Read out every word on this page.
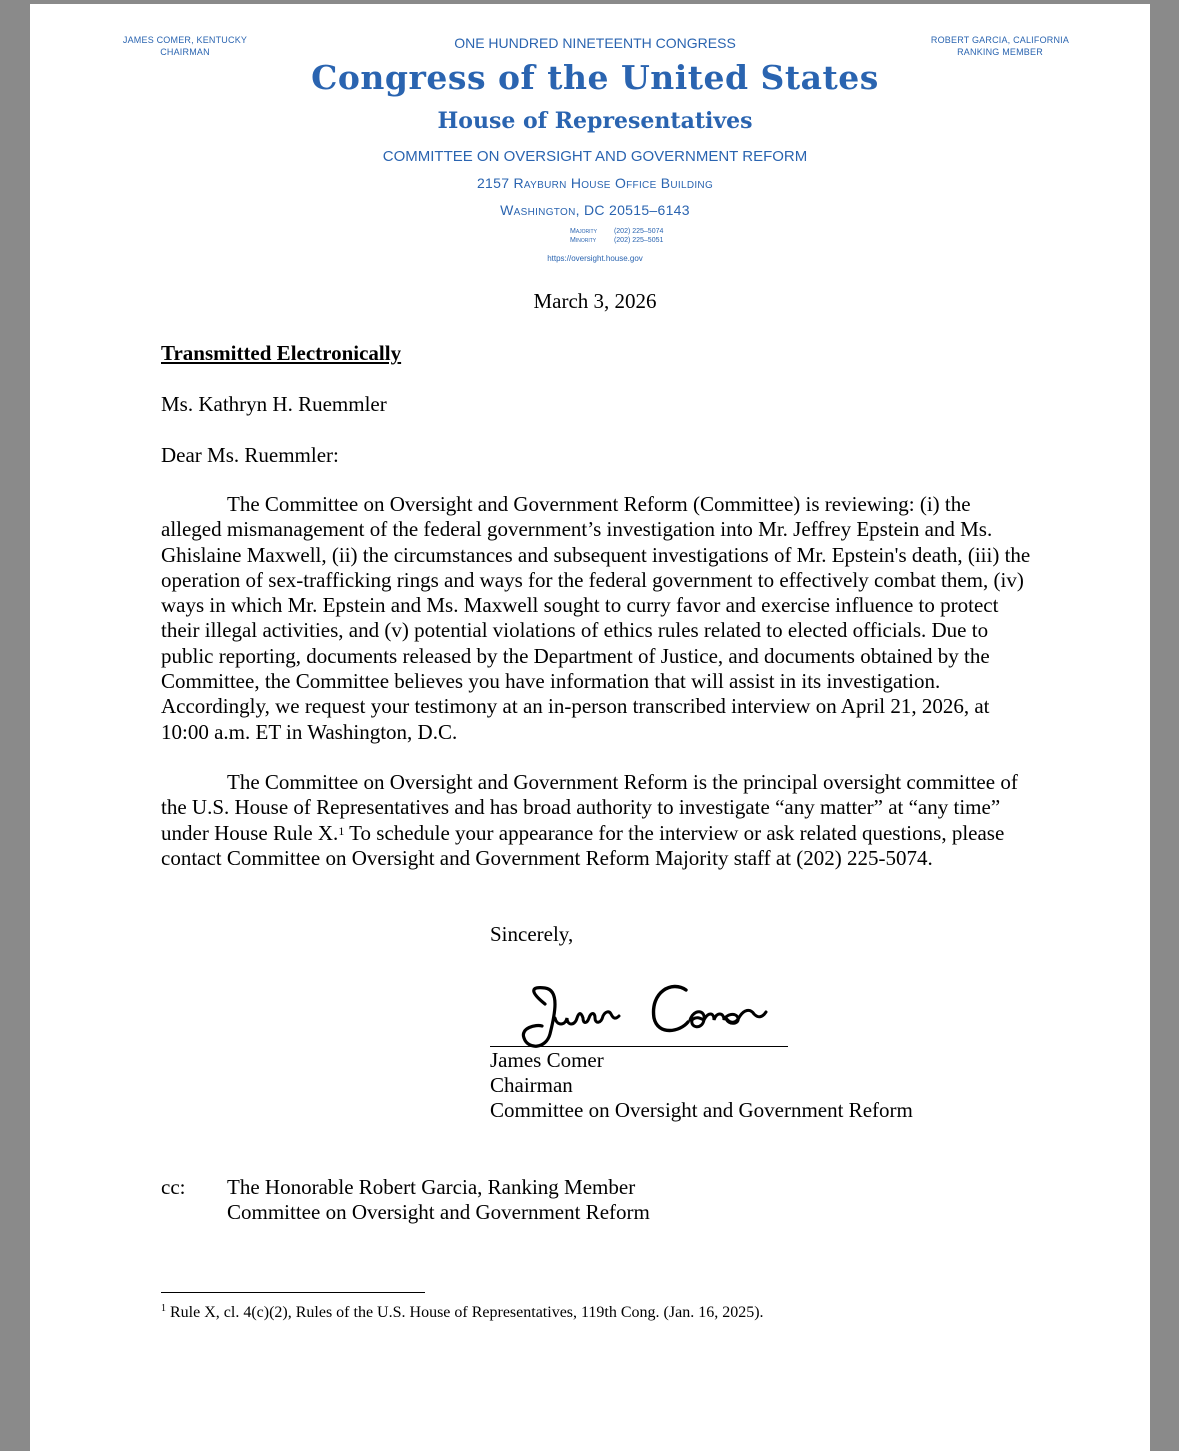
JAMES COMER, KENTUCKY
CHAIRMAN
ROBERT GARCIA, CALIFORNIA
RANKING MEMBER
ONE HUNDRED NINETEENTH CONGRESS
Congress of the United States
House of Representatives
COMMITTEE ON OVERSIGHT AND GOVERNMENT REFORM
2157 Rayburn House Office Building
Washington, DC 20515–6143
Majority (202) 225–5074
Minority	(202) 225–5051
https://oversight.house.gov
March 3, 2026
Transmitted Electronically
Ms. Kathryn H. Ruemmler
Dear Ms. Ruemmler:

The Committee on Oversight and Government Reform (Committee) is reviewing: (i) the alleged mismanagement of the federal government’s investigation into Mr. Jeffrey Epstein and Ms. Ghislaine Maxwell, (ii) the circumstances and subsequent investigations of Mr. Epstein's death, (iii) the operation of sex-trafficking rings and ways for the federal government to effectively combat them, (iv) ways in which Mr. Epstein and Ms. Maxwell sought to curry favor and exercise influence to protect their illegal activities, and (v) potential violations of ethics rules related to elected officials. Due to public reporting, documents released by the Department of Justice, and documents obtained by the Committee, the Committee believes you have information that will assist in its investigation. Accordingly, we request your testimony at an in-person transcribed interview on April 21, 2026, at 10:00 a.m. ET in Washington, D.C.

The Committee on Oversight and Government Reform is the principal oversight committee of the U.S. House of Representatives and has broad authority to investigate “any matter” at “any time” under House Rule X.$^1$ To schedule your appearance for the interview or ask related questions, please contact Committee on Oversight and Government Reform Majority staff at (202) 225-5074.

Sincerely,
James Comer
Chairman
Committee on Oversight and Government Reform
cc: The Honorable Robert Garcia, Ranking Member
Committee on Oversight and Government Reform
$^1$ Rule X, cl. 4(c)(2), Rules of the U.S. House of Representatives, 119th Cong. (Jan. 16, 2025).
